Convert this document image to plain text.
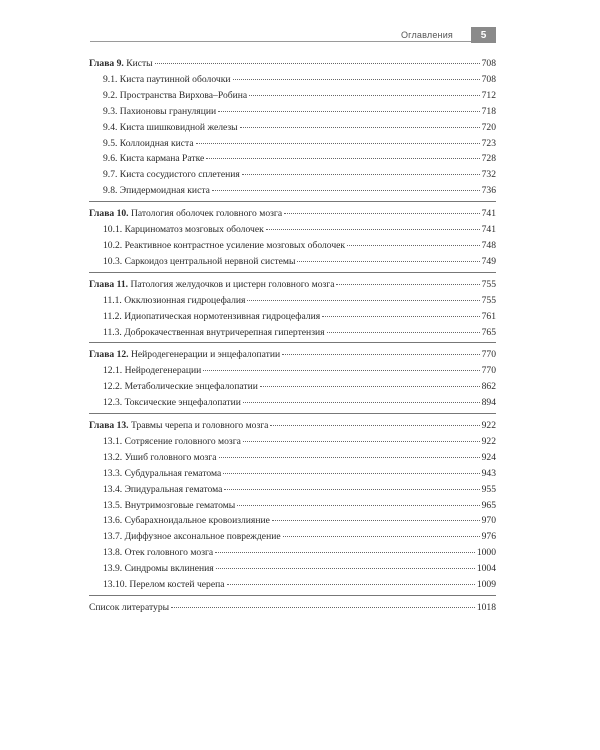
Оглавления	5
Глава 9. Кисты	708
9.1. Киста паутинной оболочки	708
9.2. Пространства Вирхова–Робина	712
9.3. Пахионовы грануляции	718
9.4. Киста шишковидной железы	720
9.5. Коллоидная киста	723
9.6. Киста кармана Ратке	728
9.7. Киста сосудистого сплетения	732
9.8. Эпидермоидная киста	736
Глава 10. Патология оболочек головного мозга	741
10.1. Карциноматоз мозговых оболочек	741
10.2. Реактивное контрастное усиление мозговых оболочек	748
10.3. Саркоидоз центральной нервной системы	749
Глава 11. Патология желудочков и цистерн головного мозга	755
11.1. Окклюзионная гидроцефалия	755
11.2. Идиопатическая нормотензивная гидроцефалия	761
11.3. Доброкачественная внутричерепная гипертензия	765
Глава 12. Нейродегенерации и энцефалопатии	770
12.1. Нейродегенерации	770
12.2. Метаболические энцефалопатии	862
12.3. Токсические энцефалопатии	894
Глава 13. Травмы черепа и головного мозга	922
13.1. Сотрясение головного мозга	922
13.2. Ушиб головного мозга	924
13.3. Субдуральная гематома	943
13.4. Эпидуральная гематома	955
13.5. Внутримозговые гематомы	965
13.6. Субарахноидальное кровоизлияние	970
13.7. Диффузное аксональное повреждение	976
13.8. Отек головного мозга	1000
13.9. Синдромы вклинения	1004
13.10. Перелом костей черепа	1009
Список литературы	1018
